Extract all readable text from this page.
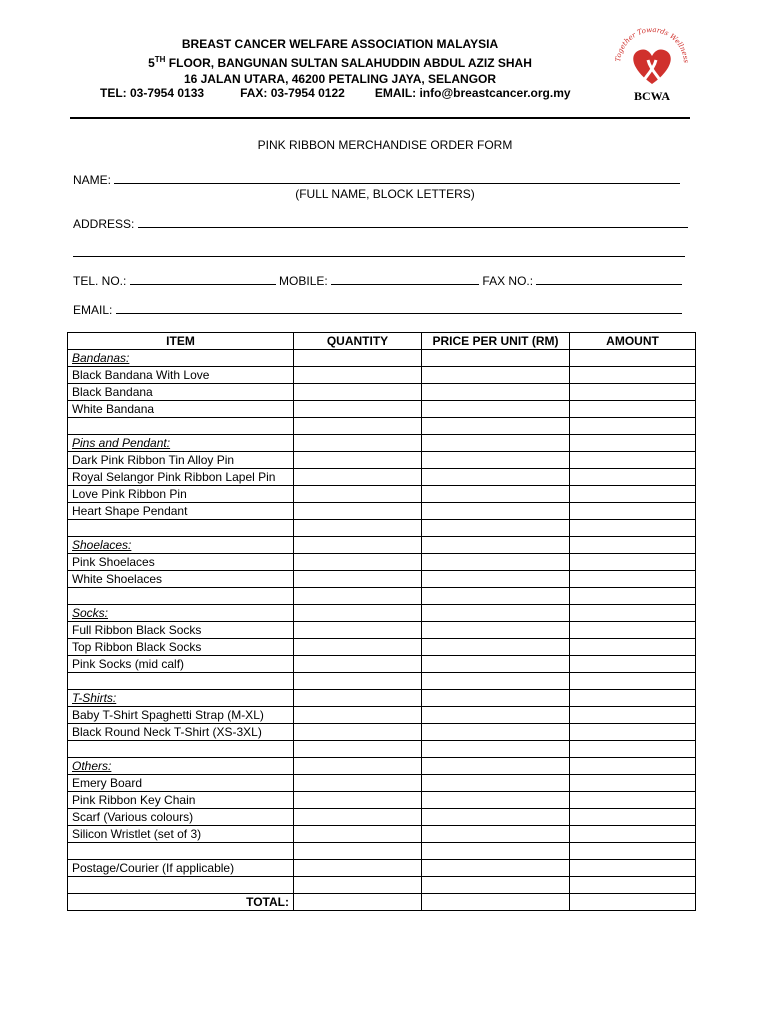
BREAST CANCER WELFARE ASSOCIATION MALAYSIA
5TH FLOOR, BANGUNAN SULTAN SALAHUDDIN ABDUL AZIZ SHAH
16 JALAN UTARA, 46200 PETALING JAYA, SELANGOR
TEL: 03-7954 0133	FAX: 03-7954 0122	EMAIL: info@breastcancer.org.my
Together Towards Wellness
BCWA
PINK RIBBON MERCHANDISE ORDER FORM
NAME:
(FULL NAME, BLOCK LETTERS)
ADDRESS:
TEL. NO.:	MOBILE:	FAX NO.:
EMAIL:
ITEM	QUANTITY	PRICE PER UNIT (RM)	AMOUNT
Bandanas:			
Black Bandana With Love			
Black Bandana			
White Bandana			

Pins and Pendant:			
Dark Pink Ribbon Tin Alloy Pin			
Royal Selangor Pink Ribbon Lapel Pin			
Love Pink Ribbon Pin			
Heart Shape Pendant			

Shoelaces:			
Pink Shoelaces			
White Shoelaces			

Socks:			
Full Ribbon Black Socks			
Top Ribbon Black Socks			
Pink Socks (mid calf)			

T-Shirts:			
Baby T-Shirt Spaghetti Strap (M-XL)			
Black Round Neck T-Shirt (XS-3XL)			

Others:			
Emery Board			
Pink Ribbon Key Chain			
Scarf (Various colours)			
Silicon Wristlet (set of 3)			

Postage/Courier (If applicable)			

TOTAL:			
